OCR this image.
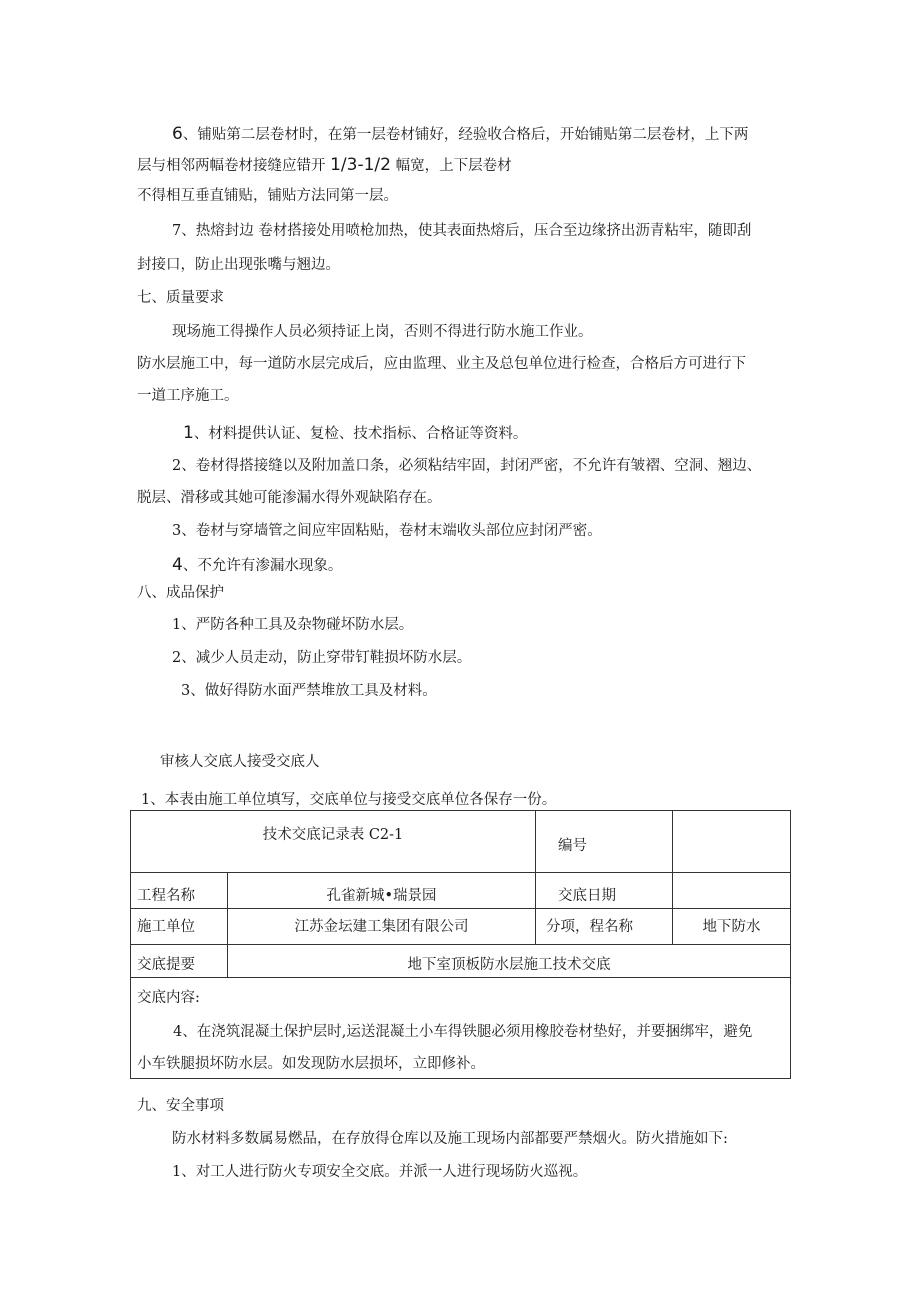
6、铺贴第二层卷材时，在第一层卷材铺好，经验收合格后，开始铺贴第二层卷材，上下两
层与相邻两幅卷材接缝应错开 1/3-1/2 幅宽，上下层卷材
不得相互垂直铺贴，铺贴方法同第一层。
7、热熔封边 卷材搭接处用喷枪加热，使其表面热熔后，压合至边缘挤出沥青粘牢，随即刮
封接口，防止出现张嘴与翘边。
七、质量要求
现场施工得操作人员必须持证上岗，否则不得进行防水施工作业。
防水层施工中，每一道防水层完成后，应由监理、业主及总包单位进行检查，合格后方可进行下
一道工序施工。
1、材料提供认证、复检、技术指标、合格证等资料。
2、卷材得搭接缝以及附加盖口条，必须粘结牢固，封闭严密，不允许有皱褶、空洞、翘边、
脱层、滑移或其她可能渗漏水得外观缺陷存在。
3、卷材与穿墙管之间应牢固粘贴，卷材末端收头部位应封闭严密。
4、不允许有渗漏水现象。
八、成品保护
1、严防各种工具及杂物碰坏防水层。
2、减少人员走动，防止穿带钉鞋损坏防水层。
3、做好得防水面严禁堆放工具及材料。
审核人交底人接受交底人
1、本表由施工单位填写，交底单位与接受交底单位各保存一份。
技术交底记录表 C2-1		编号	
工程名称	孔雀新城•瑞景园	交底日期	
施工单位	江苏金坛建工集团有限公司	分项，程名称	地下防水
交底提要	地下室顶板防水层施工技术交底		

交底内容:

4、在浇筑混凝土保护层时,运送混凝土小车得铁腿必须用橡胶卷材垫好，并要捆绑牢，避免

小车铁腿损坏防水层。如发现防水层损坏，立即修补。			

九、安全事项
防水材料多数属易燃品，在存放得仓库以及施工现场内部都要严禁烟火。防火措施如下:
1、对工人进行防火专项安全交底。并派一人进行现场防火巡视。
